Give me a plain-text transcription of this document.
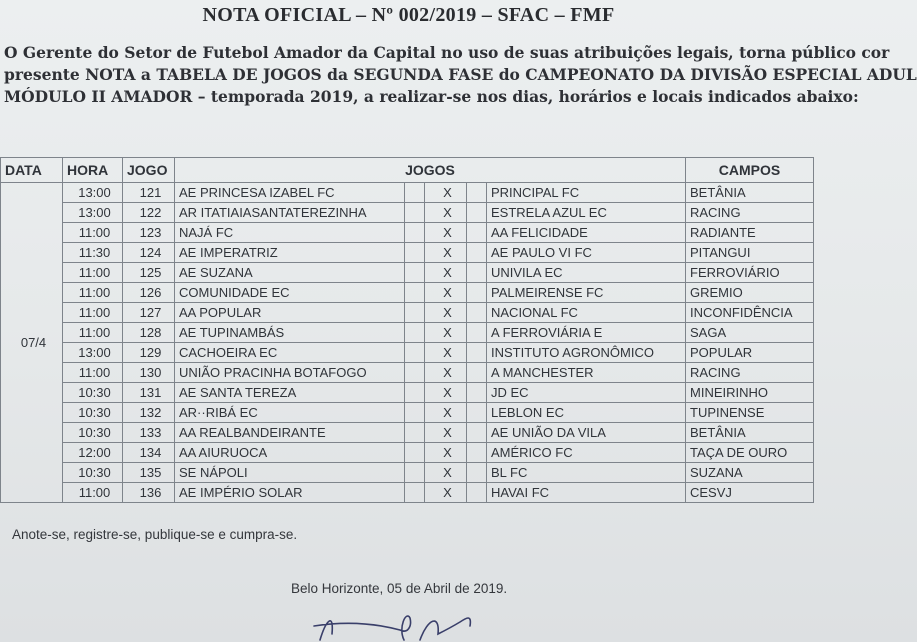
NOTA OFICIAL – Nº 002/2019 – SFAC – FMF
O Gerente do Setor de Futebol Amador da Capital no uso de suas atribuições legais, torna público cor
presente NOTA a TABELA DE JOGOS da SEGUNDA FASE do CAMPEONATO DA DIVISÃO ESPECIAL ADUL
MÓDULO II AMADOR – temporada 2019, a realizar-se nos dias, horários e locais indicados abaixo:
DATA	HORA	JOGO	JOGOS					CAMPOS
07/4	13:00	121	AE PRINCESA IZABEL FC		X		PRINCIPAL FC	BETÂNIA
	13:00	122	AR ITATIAIASANTATEREZINHA		X		ESTRELA AZUL EC	RACING
	11:00	123	NAJÁ FC		X		AA FELICIDADE	RADIANTE
	11:30	124	AE IMPERATRIZ		X		AE PAULO VI FC	PITANGUI
	11:00	125	AE SUZANA		X		UNIVILA EC	FERROVIÁRIO
	11:00	126	COMUNIDADE EC		X		PALMEIRENSE FC	GREMIO
	11:00	127	AA POPULAR		X		NACIONAL FC	INCONFIDÊNCIA
	11:00	128	AE TUPINAMBÁS		X		A FERROVIÁRIA E	SAGA
	13:00	129	CACHOEIRA EC		X		INSTITUTO AGRONÔMICO	POPULAR
	11:00	130	UNIÃO PRACINHA BOTAFOGO		X		A MANCHESTER	RACING
	10:30	131	AE SANTA TEREZA		X		JD EC	MINEIRINHO
	10:30	132	AR··RIBÁ EC		X		LEBLON EC	TUPINENSE
	10:30	133	AA REALBANDEIRANTE		X		AE UNIÃO DA VILA	BETÂNIA
	12:00	134	AA AIURUOCA		X		AMÉRICO FC	TAÇA DE OURO
	10:30	135	SE NÁPOLI		X		BL FC	SUZANA
	11:00	136	AE IMPÉRIO SOLAR		X		HAVAI FC	CESVJ
Anote-se, registre-se, publique-se e cumpra-se.
Belo Horizonte, 05 de Abril de 2019.
